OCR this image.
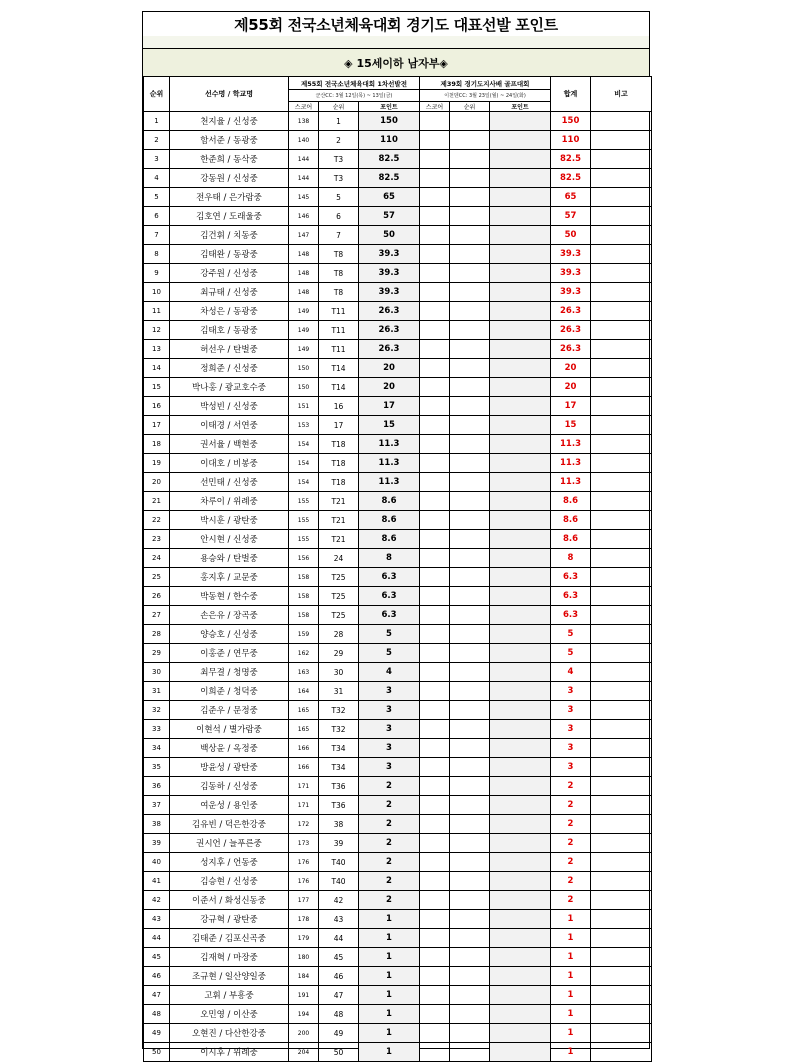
제55회 전국소년체육대회 경기도 대표선발 포인트
◈ 15세이하 남자부◈
순위	선수명 / 학교명	제55회 전국소년체육대회 1차선발전			제39회 경기도지사배 골프대회			합계	비고
		군산CC: 3월 12일(목) ~ 13일(금)			이천덴CC: 3월 23일(월) ~ 24일(화)				
		스코어	순위	포인트	스코어	순위	포인트		
1	천지율 / 신성중	138	1	150				150	
2	함서준 / 동광중	140	2	110				110	
3	한준희 / 동삭중	144	T3	82.5				82.5	
4	강동원 / 신성중	144	T3	82.5				82.5	
5	전우태 / 은가람중	145	5	65				65	
6	김호연 / 도래울중	146	6	57				57	
7	김건휘 / 치동중	147	7	50				50	
8	김태완 / 동광중	148	T8	39.3				39.3	
9	강주원 / 신성중	148	T8	39.3				39.3	
10	최규태 / 신성중	148	T8	39.3				39.3	
11	차성은 / 동광중	149	T11	26.3				26.3	
12	김태호 / 동광중	149	T11	26.3				26.3	
13	허선우 / 탄벌중	149	T11	26.3				26.3	
14	정희준 / 신성중	150	T14	20				20	
15	박나홍 / 광교호수중	150	T14	20				20	
16	박성빈 / 신성중	151	16	17				17	
17	이태경 / 서연중	153	17	15				15	
18	권서율 / 백현중	154	T18	11.3				11.3	
19	이대호 / 비봉중	154	T18	11.3				11.3	
20	선민태 / 신성중	154	T18	11.3				11.3	
21	차루이 / 위례중	155	T21	8.6				8.6	
22	박시훈 / 광탄중	155	T21	8.6				8.6	
23	안시현 / 신성중	155	T21	8.6				8.6	
24	용승와 / 탄벌중	156	24	8				8	
25	홍지후 / 교문중	158	T25	6.3				6.3	
26	박동현 / 한수중	158	T25	6.3				6.3	
27	손은유 / 장곡중	158	T25	6.3				6.3	
28	양승호 / 신성중	159	28	5				5	
29	이홍준 / 연무중	162	29	5				5	
30	최무결 / 청명중	163	30	4				4	
31	이희준 / 청덕중	164	31	3				3	
32	김준우 / 문정중	165	T32	3				3	
33	이현석 / 별가람중	165	T32	3				3	
34	백상윤 / 옥정중	166	T34	3				3	
35	방윤성 / 광탄중	166	T34	3				3	
36	김동하 / 신성중	171	T36	2				2	
37	여운성 / 용인중	171	T36	2				2	
38	김유빈 / 덕은한강중	172	38	2				2	
39	권시언 / 늘푸른중	173	39	2				2	
40	성지후 / 언동중	176	T40	2				2	
41	김승현 / 신성중	176	T40	2				2	
42	이준서 / 화성신동중	177	42	2				2	
43	강규혁 / 광탄중	178	43	1				1	
44	김태준 / 김포신곡중	179	44	1				1	
45	김재혁 / 마장중	180	45	1				1	
46	조규현 / 일산양일중	184	46	1				1	
47	고휘 / 부흥중	191	47	1				1	
48	오민영 / 이산중	194	48	1				1	
49	오현진 / 다산한강중	200	49	1				1	
50	이시후 / 위례중	204	50	1				1	
